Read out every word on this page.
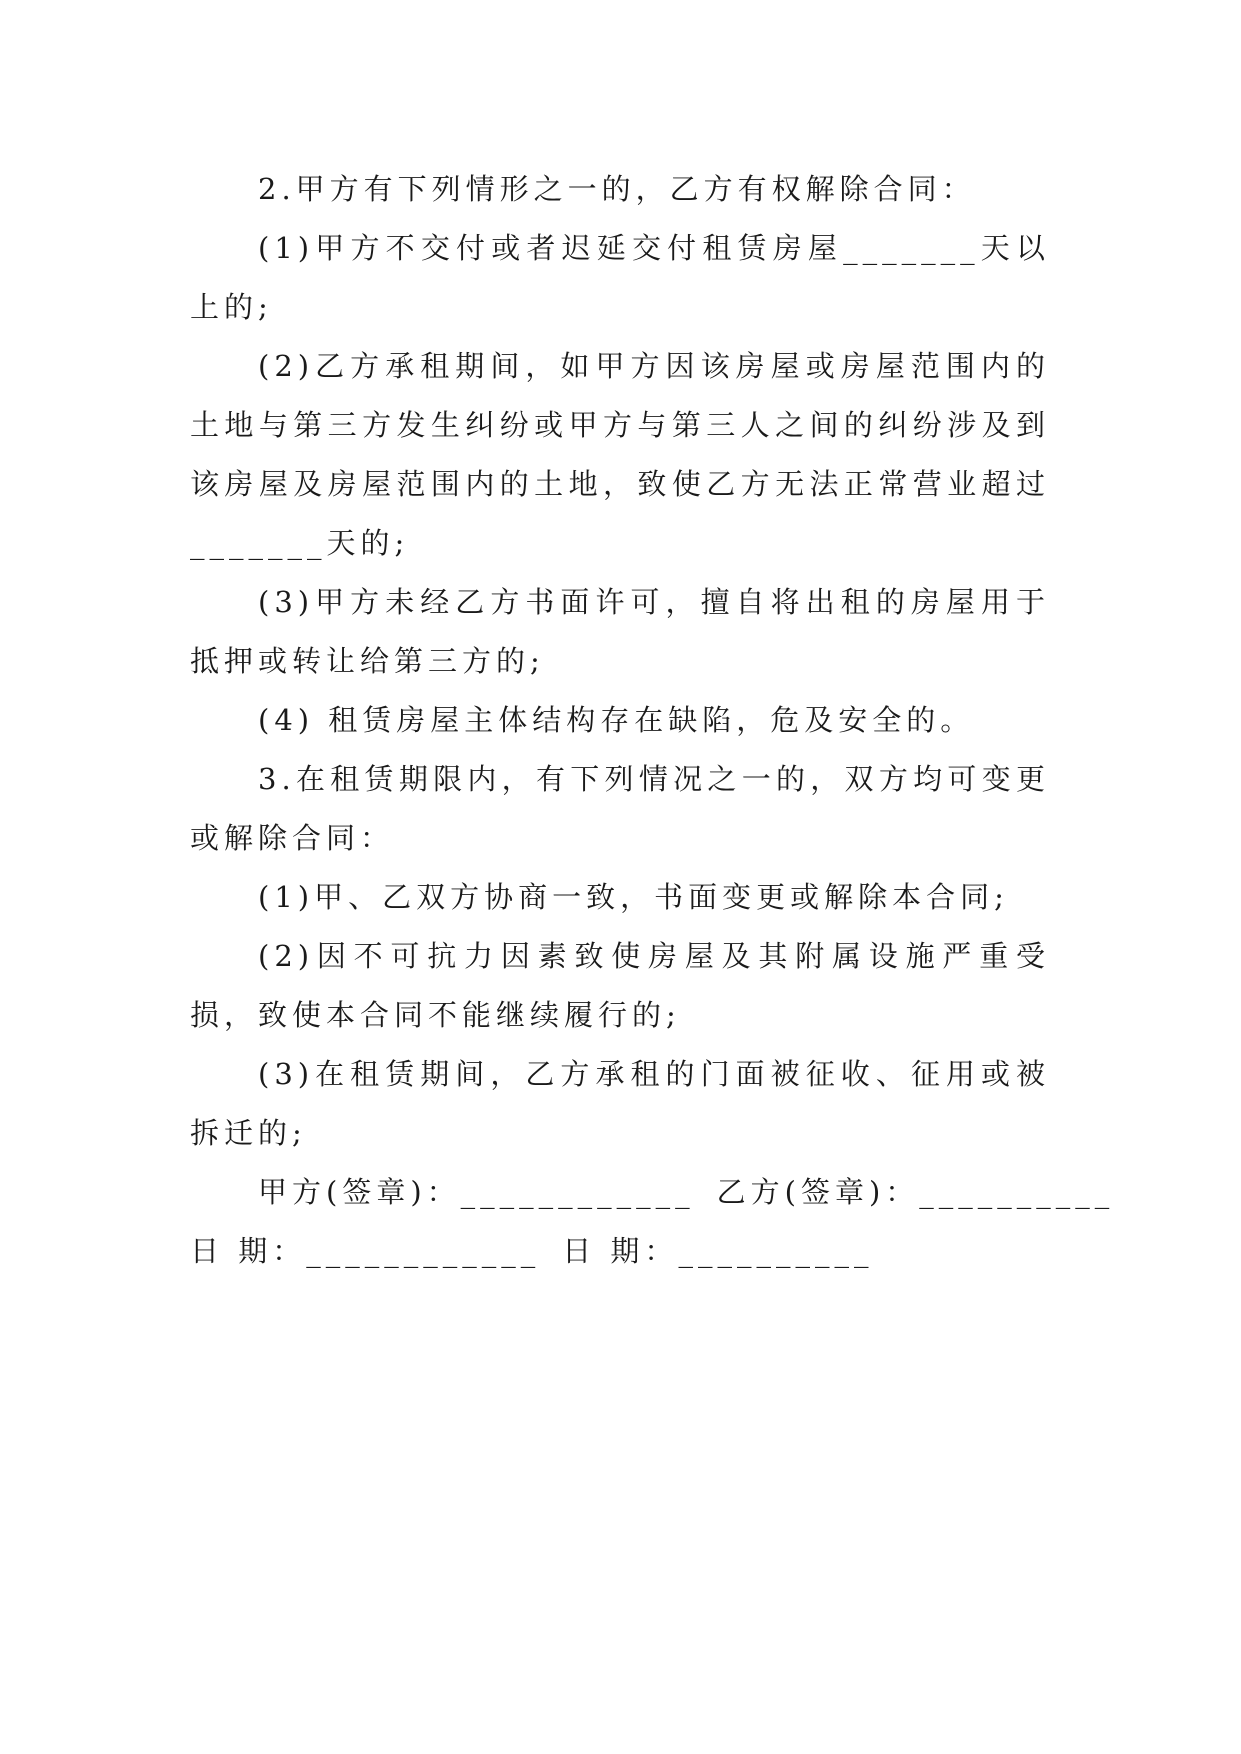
2.甲方有下列情形之一的，乙方有权解除合同：

(1)甲方不交付或者迟延交付租赁房屋_______天以上的;

(2)乙方承租期间，如甲方因该房屋或房屋范围内的土地与第三方发生纠纷或甲方与第三人之间的纠纷涉及到该房屋及房屋范围内的土地，致使乙方无法正常营业超过_______天的;

(3)甲方未经乙方书面许可，擅自将出租的房屋用于抵押或转让给第三方的;

(4) 租赁房屋主体结构存在缺陷，危及安全的。

3.在租赁期限内，有下列情况之一的，双方均可变更或解除合同：

(1)甲、乙双方协商一致，书面变更或解除本合同;

(2)因不可抗力因素致使房屋及其附属设施严重受损，致使本合同不能继续履行的;

(3)在租赁期间，乙方承租的门面被征收、征用或被拆迁的;

甲方(签章)：____________ 乙方(签章)：__________
日 期：____________ 日 期：__________
